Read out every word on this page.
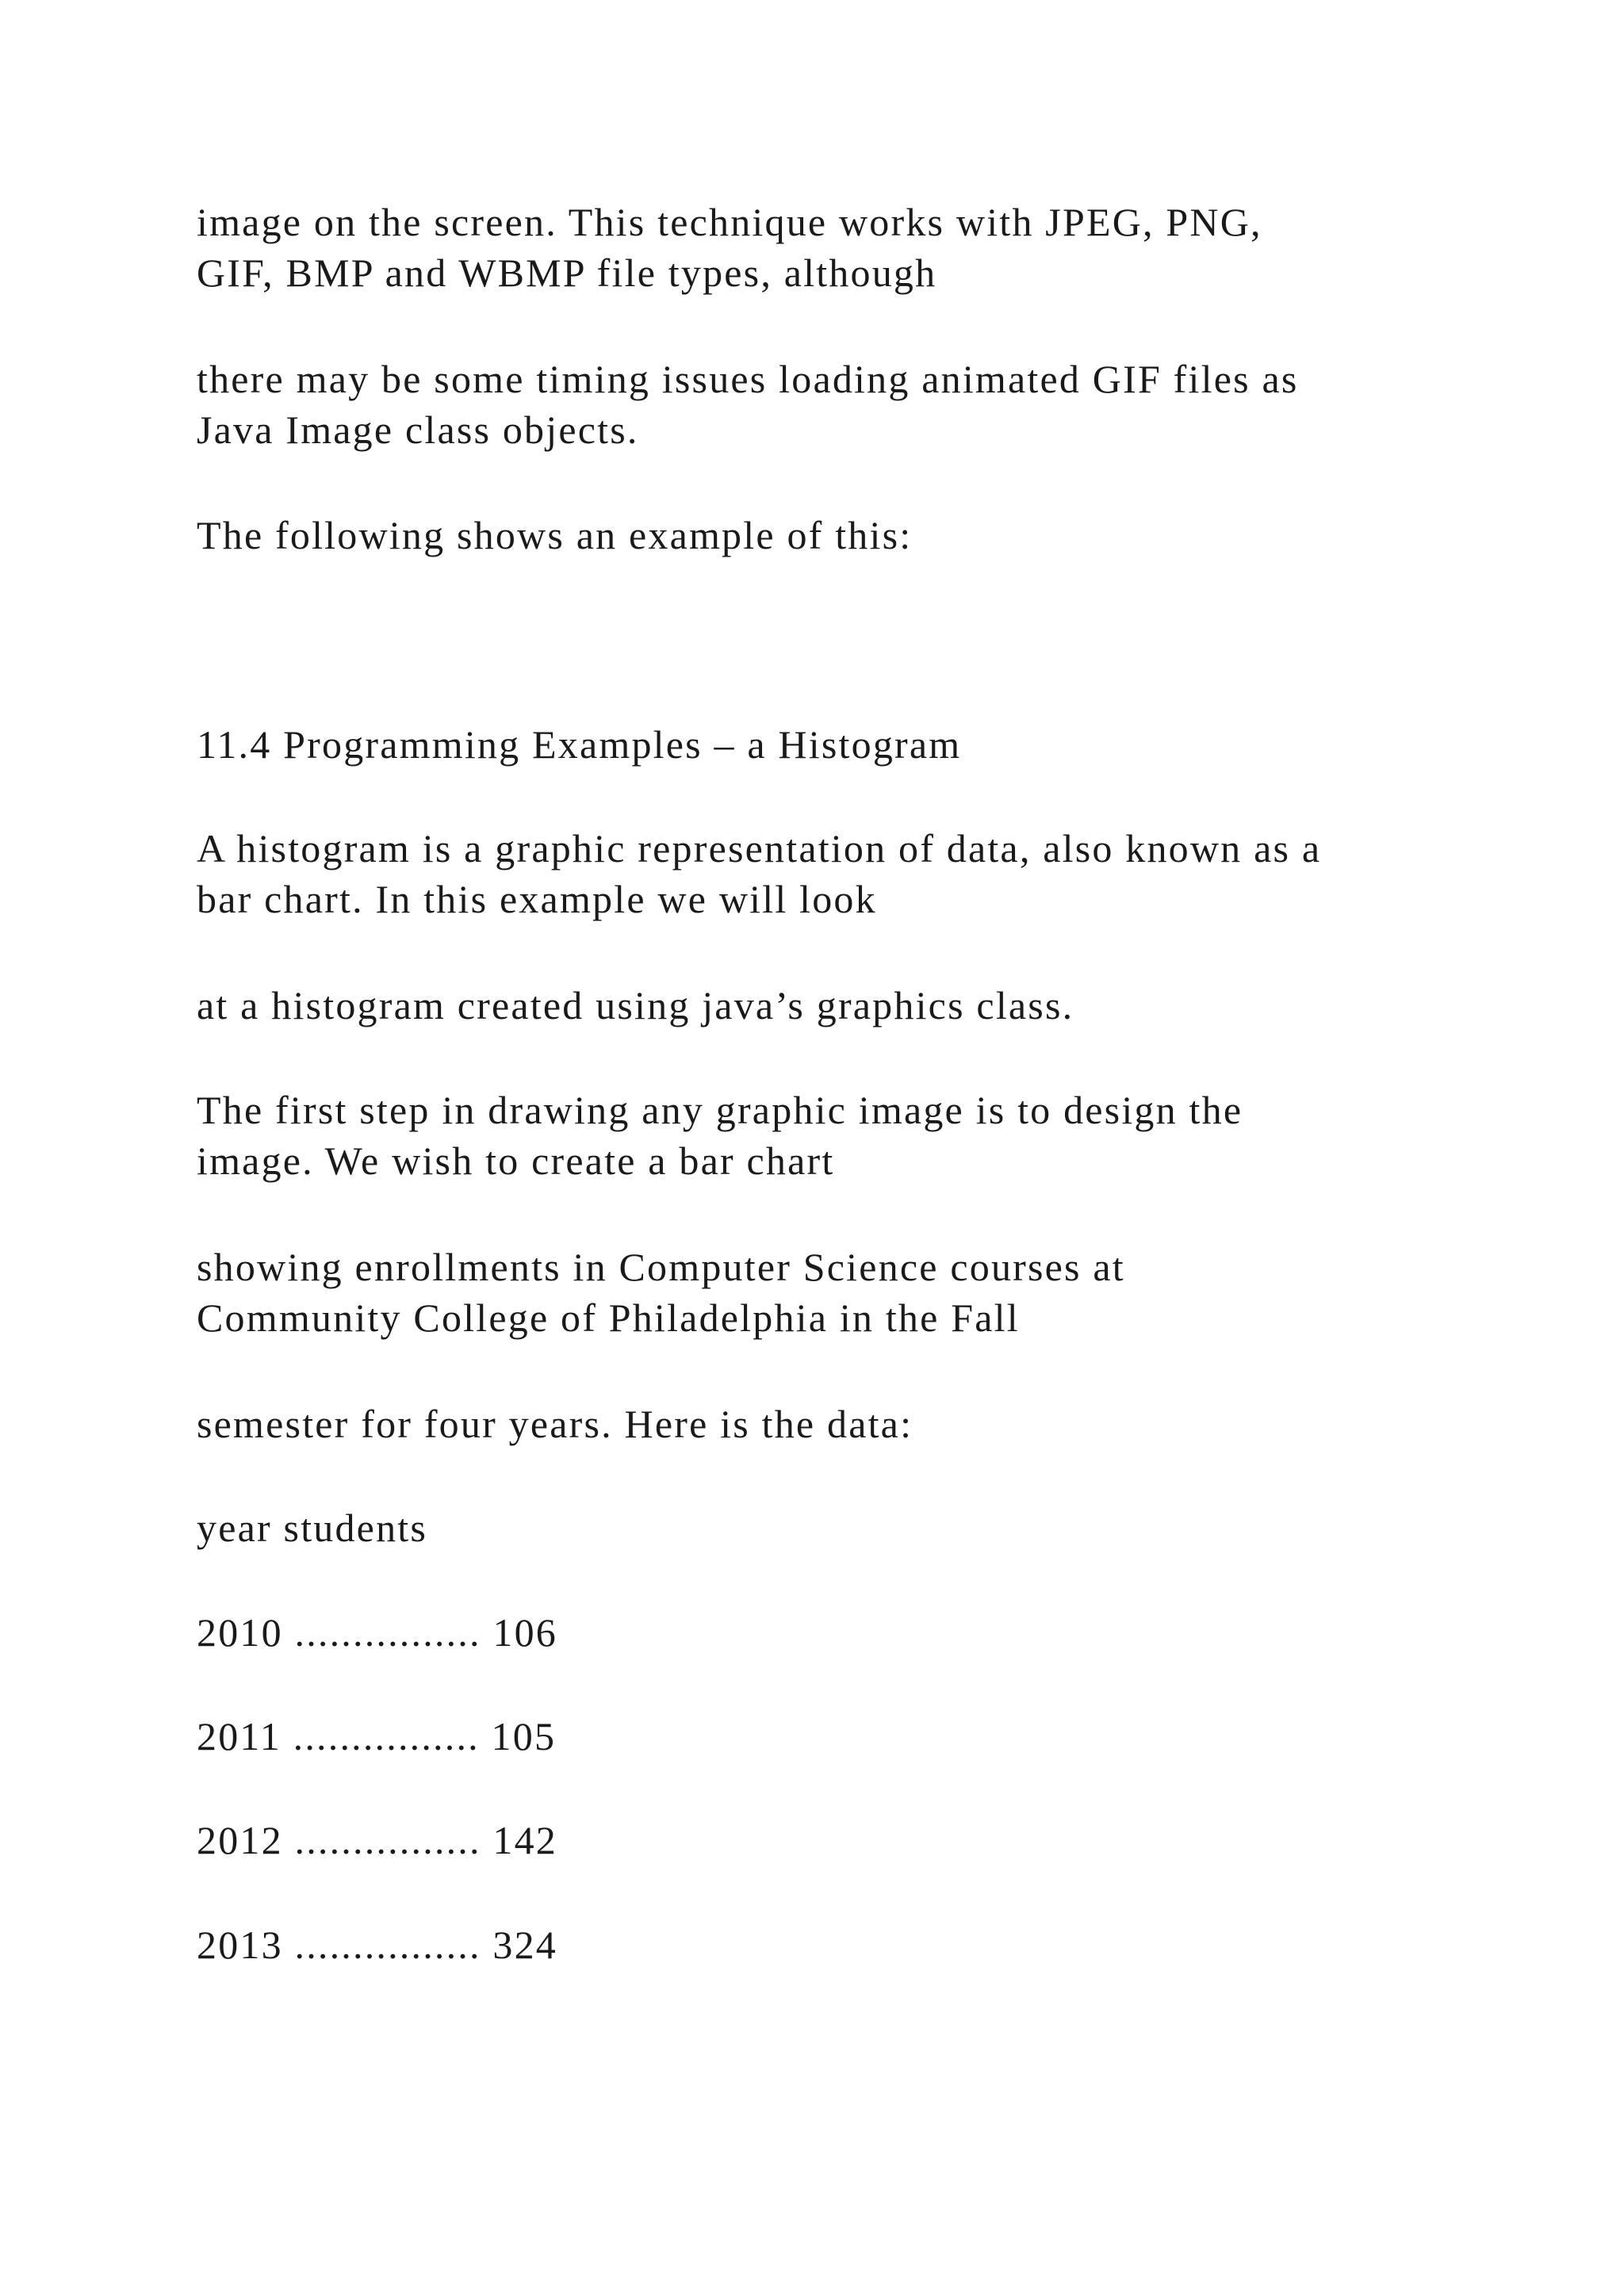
image on the screen. This technique works with JPEG, PNG,
GIF, BMP and WBMP file types, although

there may be some timing issues loading animated GIF files as
Java Image class objects.

The following shows an example of this:

11.4 Programming Examples – a Histogram

A histogram is a graphic representation of data, also known as a
bar chart. In this example we will look

at a histogram created using java’s graphics class.

The first step in drawing any graphic image is to design the
image. We wish to create a bar chart

showing enrollments in Computer Science courses at
Community College of Philadelphia in the Fall

semester for four years. Here is the data:

year students

2010 ................ 106

2011 ................ 105

2012 ................ 142

2013 ................ 324
